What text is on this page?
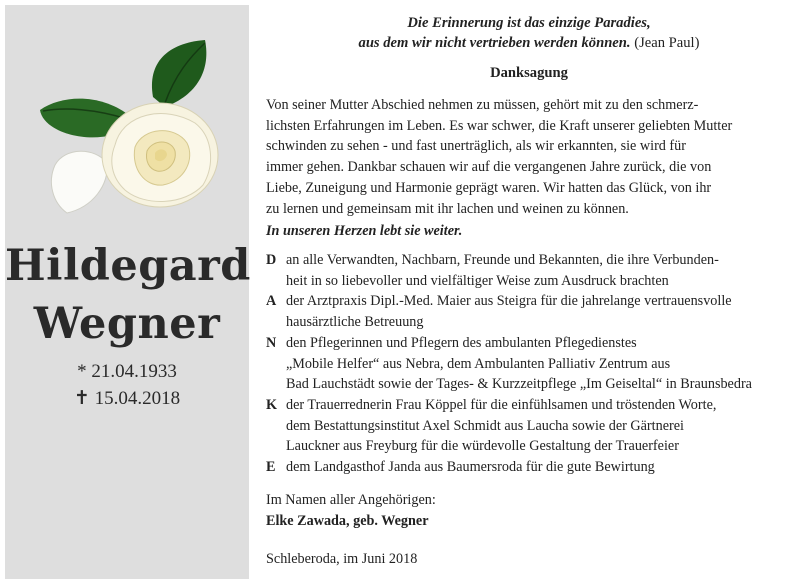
Hildegard
Wegner
* 21.04.1933
✝ 15.04.2018
Die Erinnerung ist das einzige Paradies,
aus dem wir nicht vertrieben werden können. (Jean Paul)
Danksagung

Von seiner Mutter Abschied nehmen zu müssen, gehört mit zu den schmerz-

lichsten Erfahrungen im Leben. Es war schwer, die Kraft unserer geliebten Mutter

schwinden zu sehen - und fast unerträglich, als wir erkannten, sie wird für

immer gehen. Dankbar schauen wir auf die vergangenen Jahre zurück, die von

Liebe, Zuneigung und Harmonie geprägt waren. Wir hatten das Glück, von ihr

zu lernen und gemeinsam mit ihr lachen und weinen zu können.

In unseren Herzen lebt sie weiter.
D an alle Verwandten, Nachbarn, Freunde und Bekannten, die ihre Verbunden-
heit in so liebevoller und vielfältiger Weise zum Ausdruck brachten
A der Arztpraxis Dipl.-Med. Maier aus Steigra für die jahrelange vertrauensvolle
hausärztliche Betreuung
N den Pflegerinnen und Pflegern des ambulanten Pflegedienstes
„Mobile Helfer“ aus Nebra, dem Ambulanten Palliativ Zentrum aus
Bad Lauchstädt sowie der Tages- & Kurzzeitpflege „Im Geiseltal“ in Braunsbedra
K der Trauerrednerin Frau Köppel für die einfühlsamen und tröstenden Worte,
dem Bestattungsinstitut Axel Schmidt aus Laucha sowie der Gärtnerei
Lauckner aus Freyburg für die würdevolle Gestaltung der Trauerfeier
E dem Landgasthof Janda aus Baumersroda für die gute Bewirtung
Im Namen aller Angehörigen:
Elke Zawada, geb. Wegner
Schleberoda, im Juni 2018
